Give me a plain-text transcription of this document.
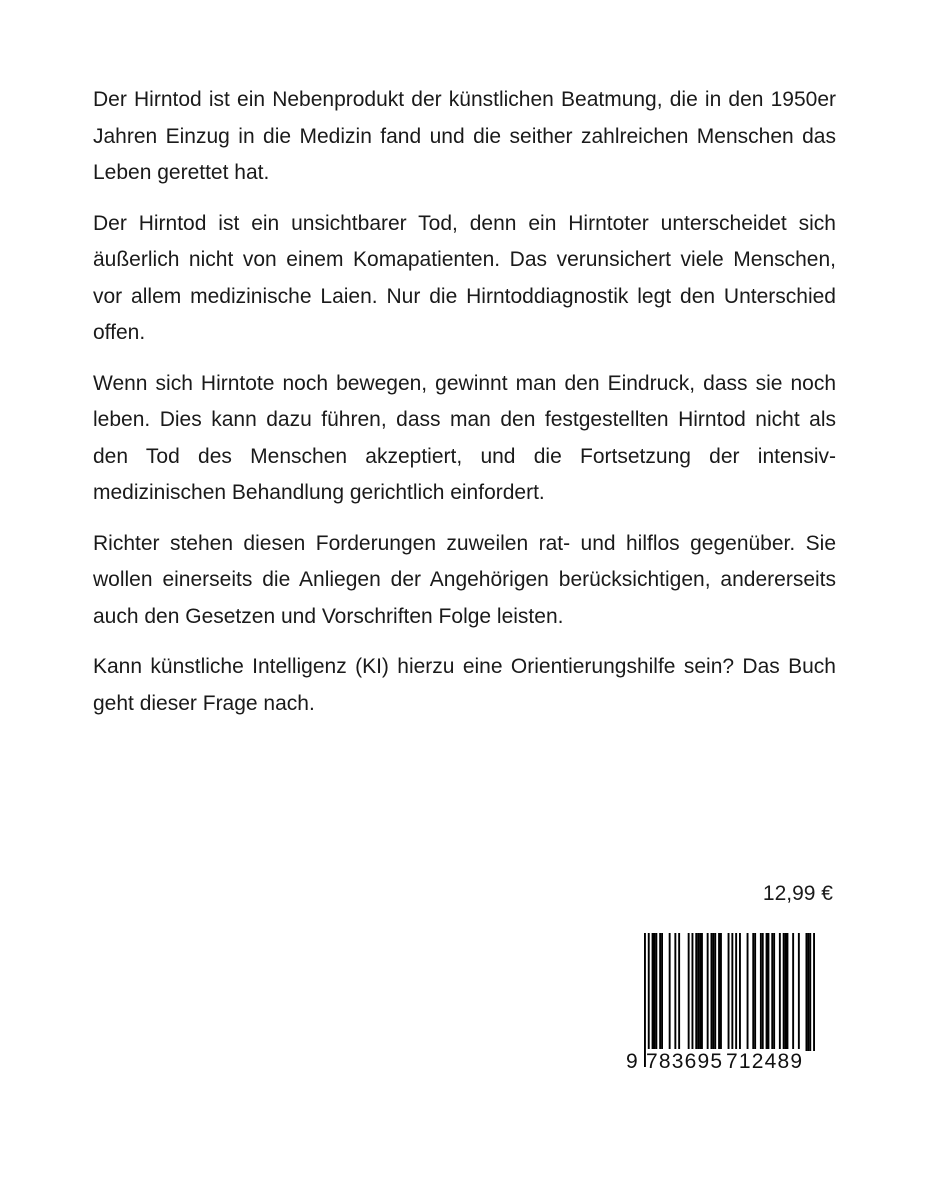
Der Hirntod ist ein Nebenprodukt der künstlichen Beatmung, die in den 1950er Jahren Einzug in die Medizin fand und die seither zahlreichen Menschen das Leben gerettet hat.

Der Hirntod ist ein unsichtbarer Tod, denn ein Hirntoter unterscheidet sich äußerlich nicht von einem Komapatienten. Das verunsichert viele Menschen, vor allem medizinische Laien. Nur die Hirntoddiagnostik legt den Unterschied offen.

Wenn sich Hirntote noch bewegen, gewinnt man den Eindruck, dass sie noch leben. Dies kann dazu führen, dass man den festgestellten Hirntod nicht als den Tod des Menschen akzeptiert, und die Fortsetzung der intensiv-medizinischen Behandlung gerichtlich einfordert.

Richter stehen diesen Forderungen zuweilen rat- und hilflos gegenüber. Sie wollen einerseits die Anliegen der Angehörigen berücksichtigen, andererseits auch den Gesetzen und Vorschriften Folge leisten.

Kann künstliche Intelligenz (KI) hierzu eine Orientierungshilfe sein? Das Buch geht dieser Frage nach.

12,99 €
9 783695 712489
